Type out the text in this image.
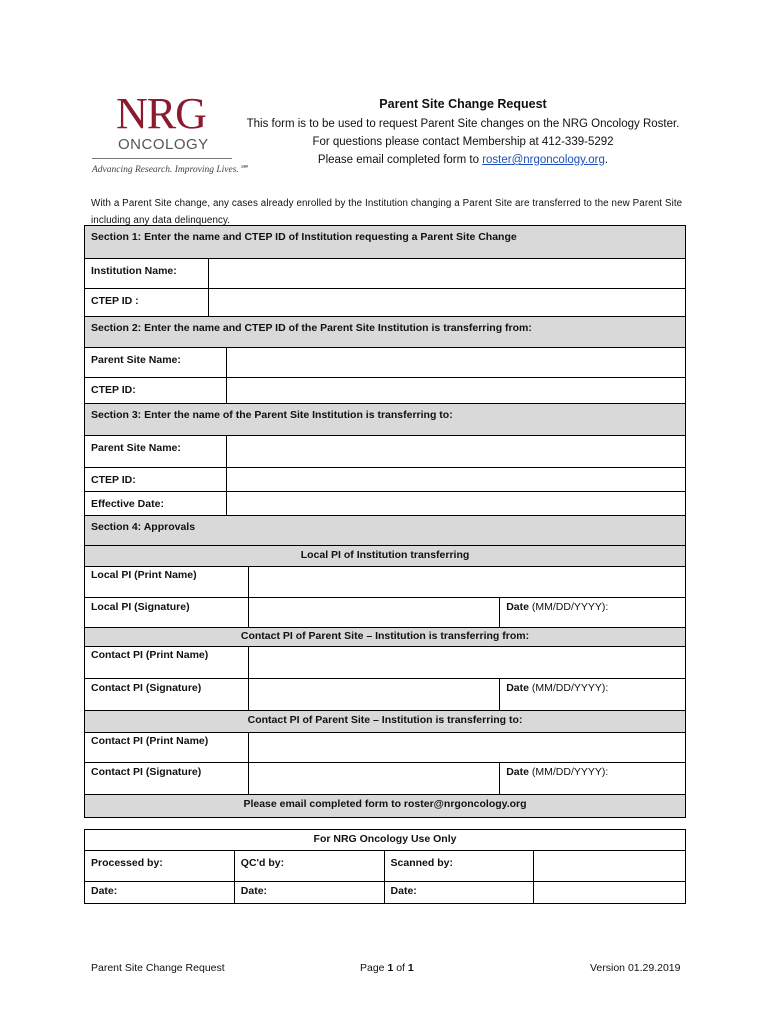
NRG
ONCOLOGY
Advancing Research. Improving Lives.℠
Parent Site Change Request
This form is to be used to request Parent Site changes on the NRG Oncology Roster.
For questions please contact Membership at 412-339-5292
Please email completed form to roster@nrgoncology.org.
With a Parent Site change, any cases already enrolled by the Institution changing a Parent Site are transferred to the new Parent Site including any data delinquency.
Section 1: Enter the name and CTEP ID of Institution requesting a Parent Site Change				
Institution Name:				
CTEP ID :				
Section 2: Enter the name and CTEP ID of the Parent Site Institution is transferring from:				
Parent Site Name:				
CTEP ID:				
Section 3: Enter the name of the Parent Site Institution is transferring to:				
Parent Site Name:				
CTEP ID:				
Effective Date:				
Section 4: Approvals				
Local PI of Institution transferring				
Local PI (Print Name)				
Local PI (Signature)				Date (MM/DD/YYYY):
Contact PI of Parent Site – Institution is transferring from:				
Contact PI (Print Name)				
Contact PI (Signature)				Date (MM/DD/YYYY):
Contact PI of Parent Site – Institution is transferring to:				
Contact PI (Print Name)				
Contact PI (Signature)				Date (MM/DD/YYYY):
Please email completed form to roster@nrgoncology.org				
For NRG Oncology Use Only			
Processed by:	QC'd by:	Scanned by:	
Date:	Date:	Date:	
Parent Site Change Request	Page 1 of 1	Version 01.29.2019
